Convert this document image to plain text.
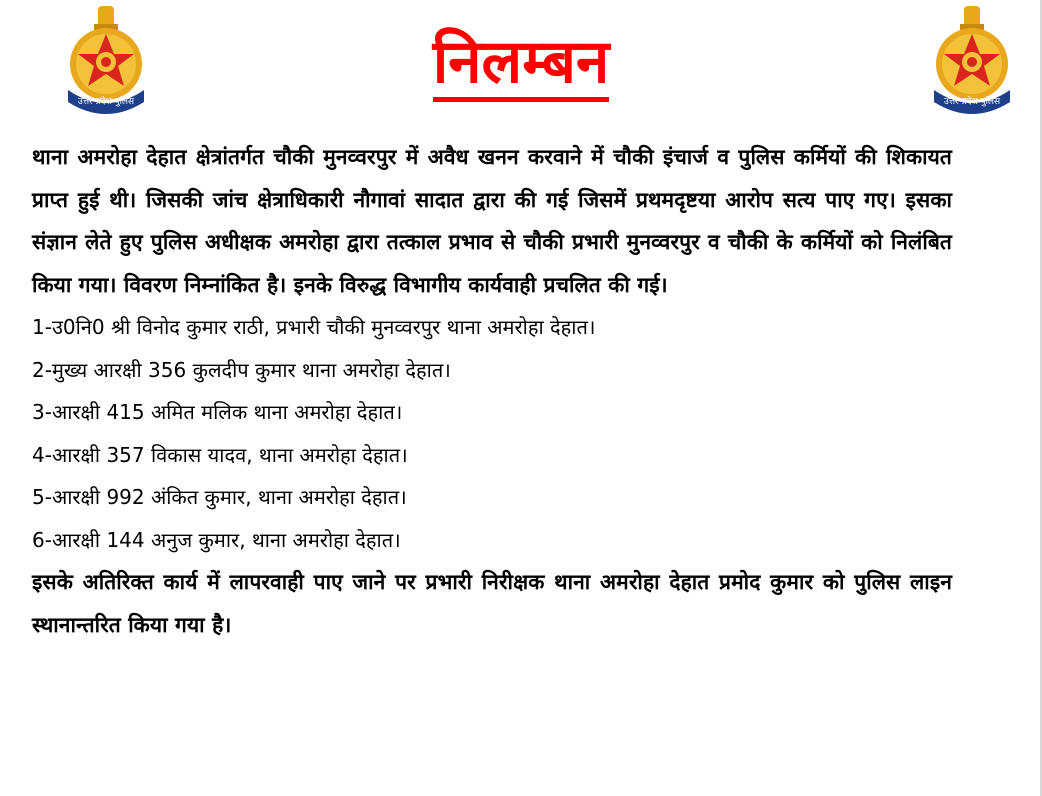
उत्तर प्रदेश पुलिस	उत्तर प्रदेश पुलिस
निलम्बन

थाना अमरोहा देहात क्षेत्रांतर्गत चौकी मुनव्वरपुर में अवैध खनन करवाने में चौकी इंचार्ज व पुलिस कर्मियों की शिकायत प्राप्त हुई थी। जिसकी जांच क्षेत्राधिकारी नौगावां सादात द्वारा की गई जिसमें प्रथमदृष्टया आरोप सत्य पाए गए। इसका संज्ञान लेते हुए पुलिस अधीक्षक अमरोहा द्वारा तत्काल प्रभाव से चौकी प्रभारी मुनव्वरपुर व चौकी के कर्मियों को निलंबित किया गया। विवरण निम्नांकित है। इनके विरुद्ध विभागीय कार्यवाही प्रचलित की गई।

1-उ0नि0 श्री विनोद कुमार राठी, प्रभारी चौकी मुनव्वरपुर थाना अमरोहा देहात।

2-मुख्य आरक्षी 356 कुलदीप कुमार थाना अमरोहा देहात।

3-आरक्षी 415 अमित मलिक थाना अमरोहा देहात।

4-आरक्षी 357 विकास यादव, थाना अमरोहा देहात।

5-आरक्षी 992 अंकित कुमार, थाना अमरोहा देहात।

6-आरक्षी 144 अनुज कुमार, थाना अमरोहा देहात।

इसके अतिरिक्त कार्य में लापरवाही पाए जाने पर प्रभारी निरीक्षक थाना अमरोहा देहात प्रमोद कुमार को पुलिस लाइन स्थानान्तरित किया गया है।
